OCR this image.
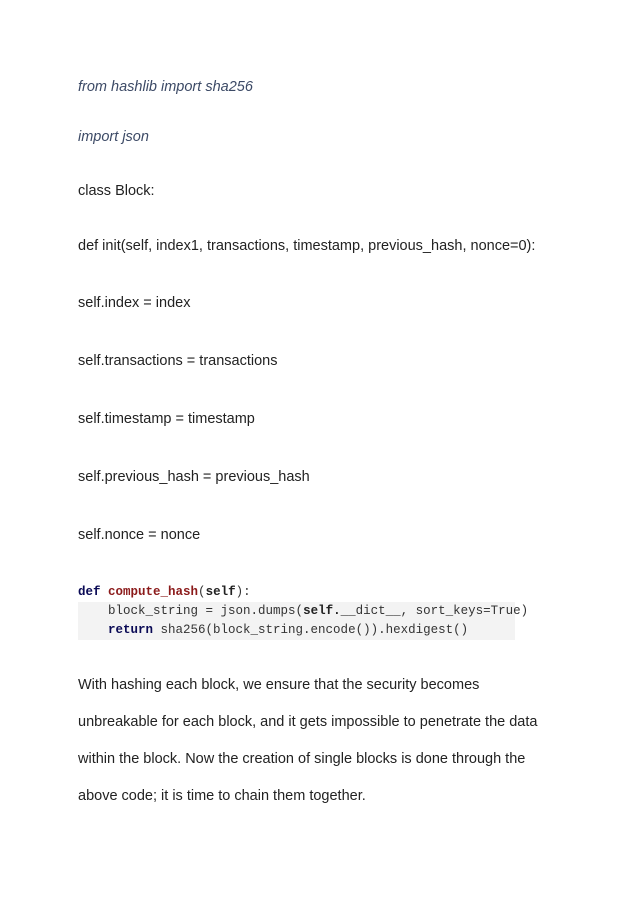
from hashlib import sha256
import json
class Block:
def init(self, index1, transactions, timestamp, previous_hash, nonce=0):
self.index = index
self.transactions = transactions
self.timestamp = timestamp
self.previous_hash = previous_hash
self.nonce = nonce
def compute_hash(self):
block_string = json.dumps(self.__dict__, sort_keys=True)
return sha256(block_string.encode()).hexdigest()
With hashing each block, we ensure that the security becomes
unbreakable for each block, and it gets impossible to penetrate the data
within the block. Now the creation of single blocks is done through the
above code; it is time to chain them together.
